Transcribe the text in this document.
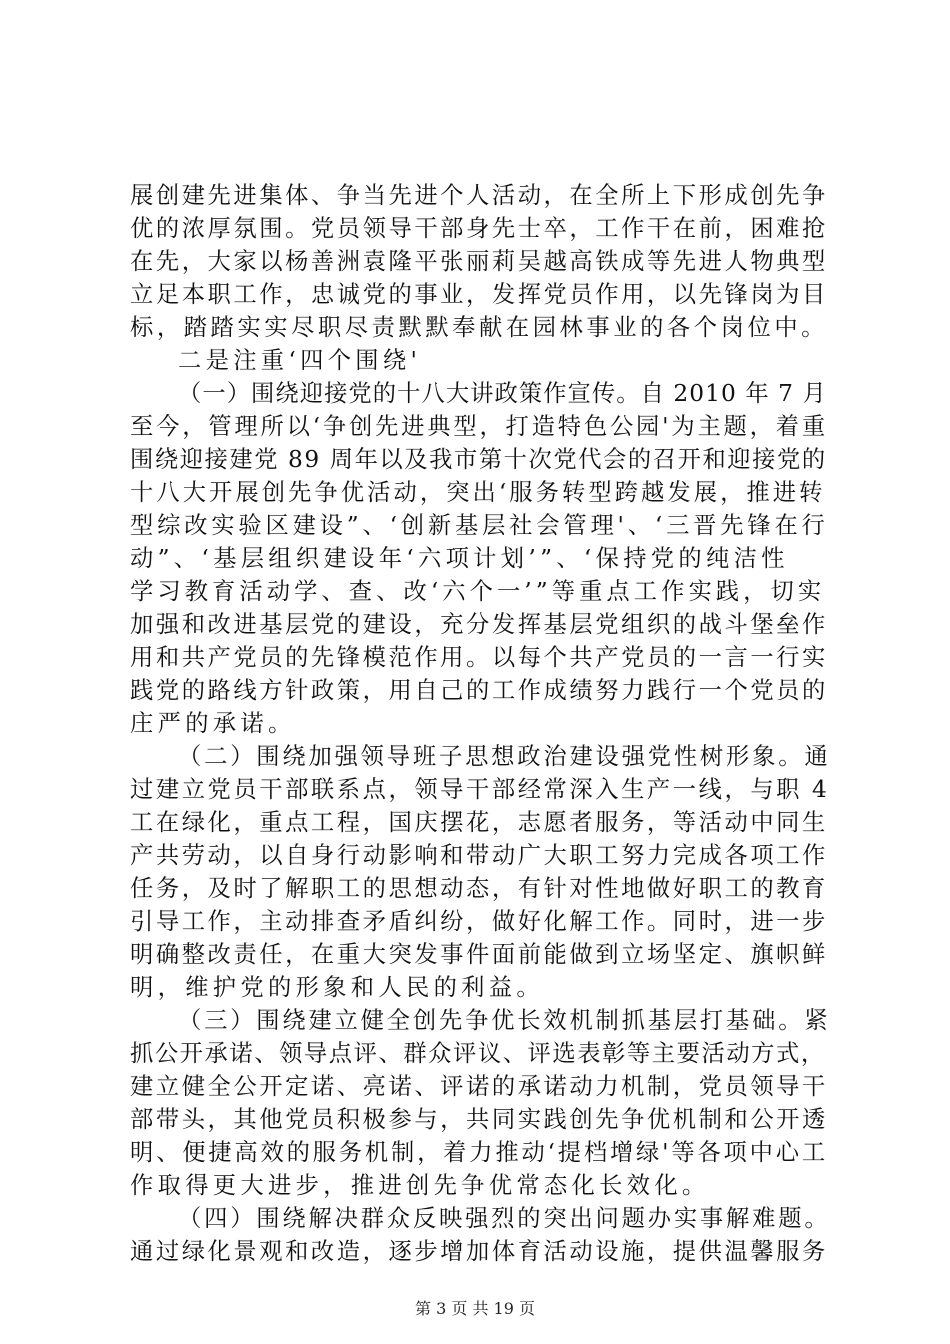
展创建先进集体、争当先进个人活动，在全所上下形成创先争
优的浓厚氛围。党员领导干部身先士卒，工作干在前，困难抢
在先，大家以杨善洲袁隆平张丽莉吴越高铁成等先进人物典型
立足本职工作，忠诚党的事业，发挥党员作用，以先锋岗为目
标，踏踏实实尽职尽责默默奉献在园林事业的各个岗位中。
二是注重‘四个围绕'
（一）围绕迎接党的十八大讲政策作宣传。自 2010 年 7 月
至今，管理所以‘争创先进典型，打造特色公园'为主题，着重
围绕迎接建党 89 周年以及我市第十次党代会的召开和迎接党的
十八大开展创先争优活动，突出‘服务转型跨越发展，推进转
型综改实验区建设”、‘创新基层社会管理'、‘三晋先锋在行
动”、‘基层组织建设年‘六项计划’”、‘保持党的纯洁性
学习教育活动学、查、改‘六个一’”等重点工作实践，切实
加强和改进基层党的建设，充分发挥基层党组织的战斗堡垒作
用和共产党员的先锋模范作用。以每个共产党员的一言一行实
践党的路线方针政策，用自己的工作成绩努力践行一个党员的
庄严的承诺。
（二）围绕加强领导班子思想政治建设强党性树形象。通
过建立党员干部联系点，领导干部经常深入生产一线，与职 4
工在绿化，重点工程，国庆摆花，志愿者服务，等活动中同生
产共劳动，以自身行动影响和带动广大职工努力完成各项工作
任务，及时了解职工的思想动态，有针对性地做好职工的教育
引导工作，主动排查矛盾纠纷，做好化解工作。同时，进一步
明确整改责任，在重大突发事件面前能做到立场坚定、旗帜鲜
明，维护党的形象和人民的利益。
（三）围绕建立健全创先争优长效机制抓基层打基础。紧
抓公开承诺、领导点评、群众评议、评选表彰等主要活动方式，
建立健全公开定诺、亮诺、评诺的承诺动力机制，党员领导干
部带头，其他党员积极参与，共同实践创先争优机制和公开透
明、便捷高效的服务机制，着力推动‘提档增绿'等各项中心工
作取得更大进步，推进创先争优常态化长效化。
（四）围绕解决群众反映强烈的突出问题办实事解难题。
通过绿化景观和改造，逐步增加体育活动设施，提供温馨服务
第 3 页 共 19 页
